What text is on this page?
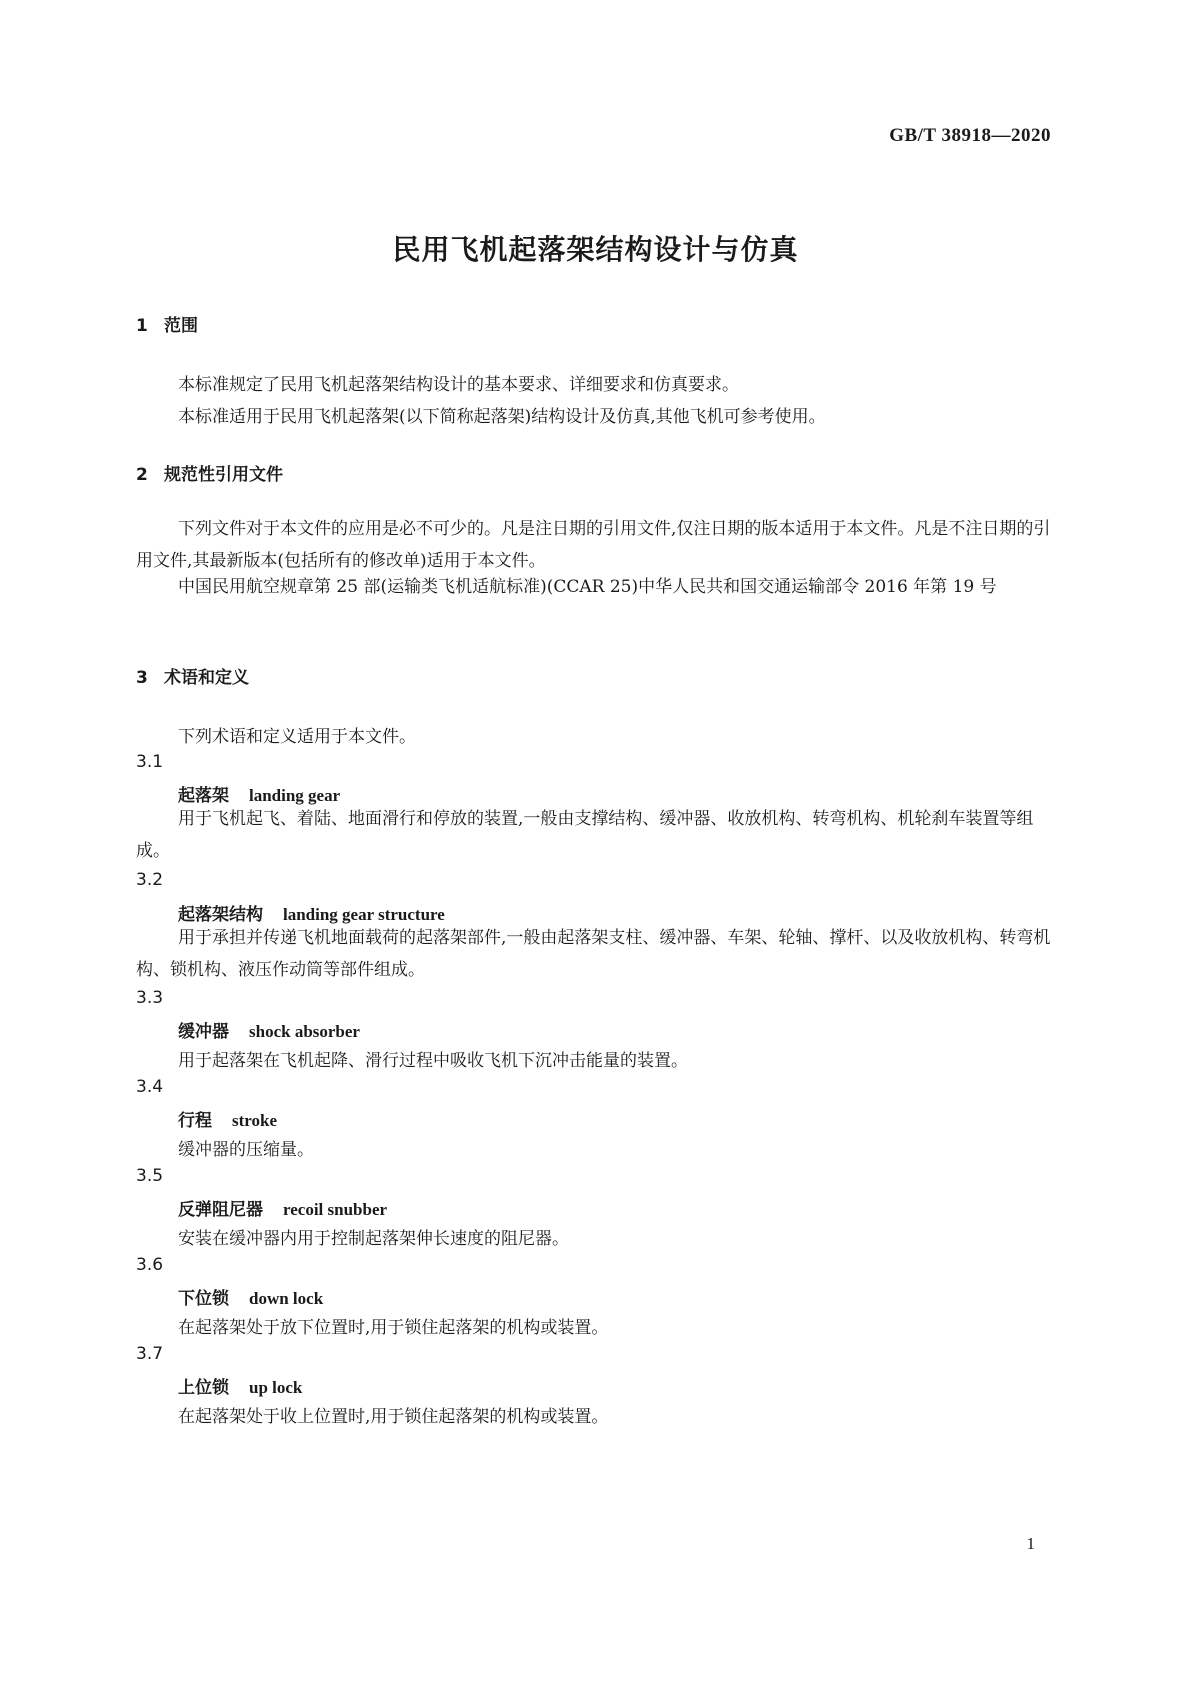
GB/T 38918—2020
民用飞机起落架结构设计与仿真
1 范围
本标准规定了民用飞机起落架结构设计的基本要求、详细要求和仿真要求。
本标准适用于民用飞机起落架(以下简称起落架)结构设计及仿真,其他飞机可参考使用。
2 规范性引用文件

下列文件对于本文件的应用是必不可少的。凡是注日期的引用文件,仅注日期的版本适用于本文件。凡是不注日期的引用文件,其最新版本(包括所有的修改单)适用于本文件。

中国民用航空规章第 25 部(运输类飞机适航标准)(CCAR 25)中华人民共和国交通运输部令 2016 年第 19 号

3 术语和定义
下列术语和定义适用于本文件。
3.1
起落架 landing gear

用于飞机起飞、着陆、地面滑行和停放的装置,一般由支撑结构、缓冲器、收放机构、转弯机构、机轮刹车装置等组成。

3.2
起落架结构 landing gear structure

用于承担并传递飞机地面载荷的起落架部件,一般由起落架支柱、缓冲器、车架、轮轴、撑杆、以及收放机构、转弯机构、锁机构、液压作动筒等部件组成。

3.3
缓冲器 shock absorber
用于起落架在飞机起降、滑行过程中吸收飞机下沉冲击能量的装置。
3.4
行程 stroke
缓冲器的压缩量。
3.5
反弹阻尼器 recoil snubber
安装在缓冲器内用于控制起落架伸长速度的阻尼器。
3.6
下位锁 down lock
在起落架处于放下位置时,用于锁住起落架的机构或装置。
3.7
上位锁 up lock
在起落架处于收上位置时,用于锁住起落架的机构或装置。
1
